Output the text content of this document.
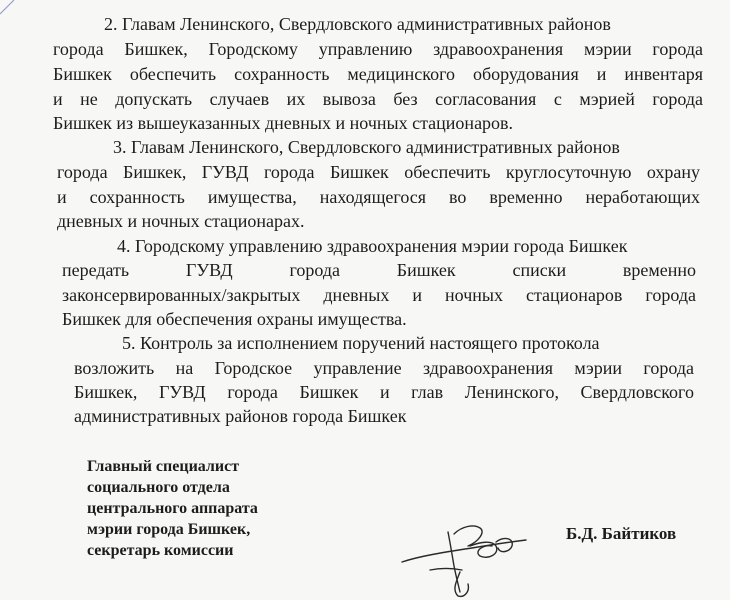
2. Главам Ленинского, Свердловского административных районов
города Бишкек, Городскому управлению здравоохранения мэрии города
Бишкек обеспечить сохранность медицинского оборудования и инвентаря
и не допускать случаев их вывоза без согласования с мэрией города
Бишкек из вышеуказанных дневных и ночных стационаров.
3. Главам Ленинского, Свердловского административных районов
города Бишкек, ГУВД города Бишкек обеспечить круглосуточную охрану
и сохранность имущества, находящегося во временно неработающих
дневных и ночных стационарах.
4. Городскому управлению здравоохранения мэрии города Бишкек
передать ГУВД города Бишкек списки временно
законсервированных/закрытых дневных и ночных стационаров города
Бишкек для обеспечения охраны имущества.
5. Контроль за исполнением поручений настоящего протокола
возложить на Городское управление здравоохранения мэрии города
Бишкек, ГУВД города Бишкек и глав Ленинского, Свердловского
административных районов города Бишкек
Главный специалист
социального отдела
центрального аппарата
мэрии города Бишкек,
секретарь комиссии
Б.Д. Байтиков
